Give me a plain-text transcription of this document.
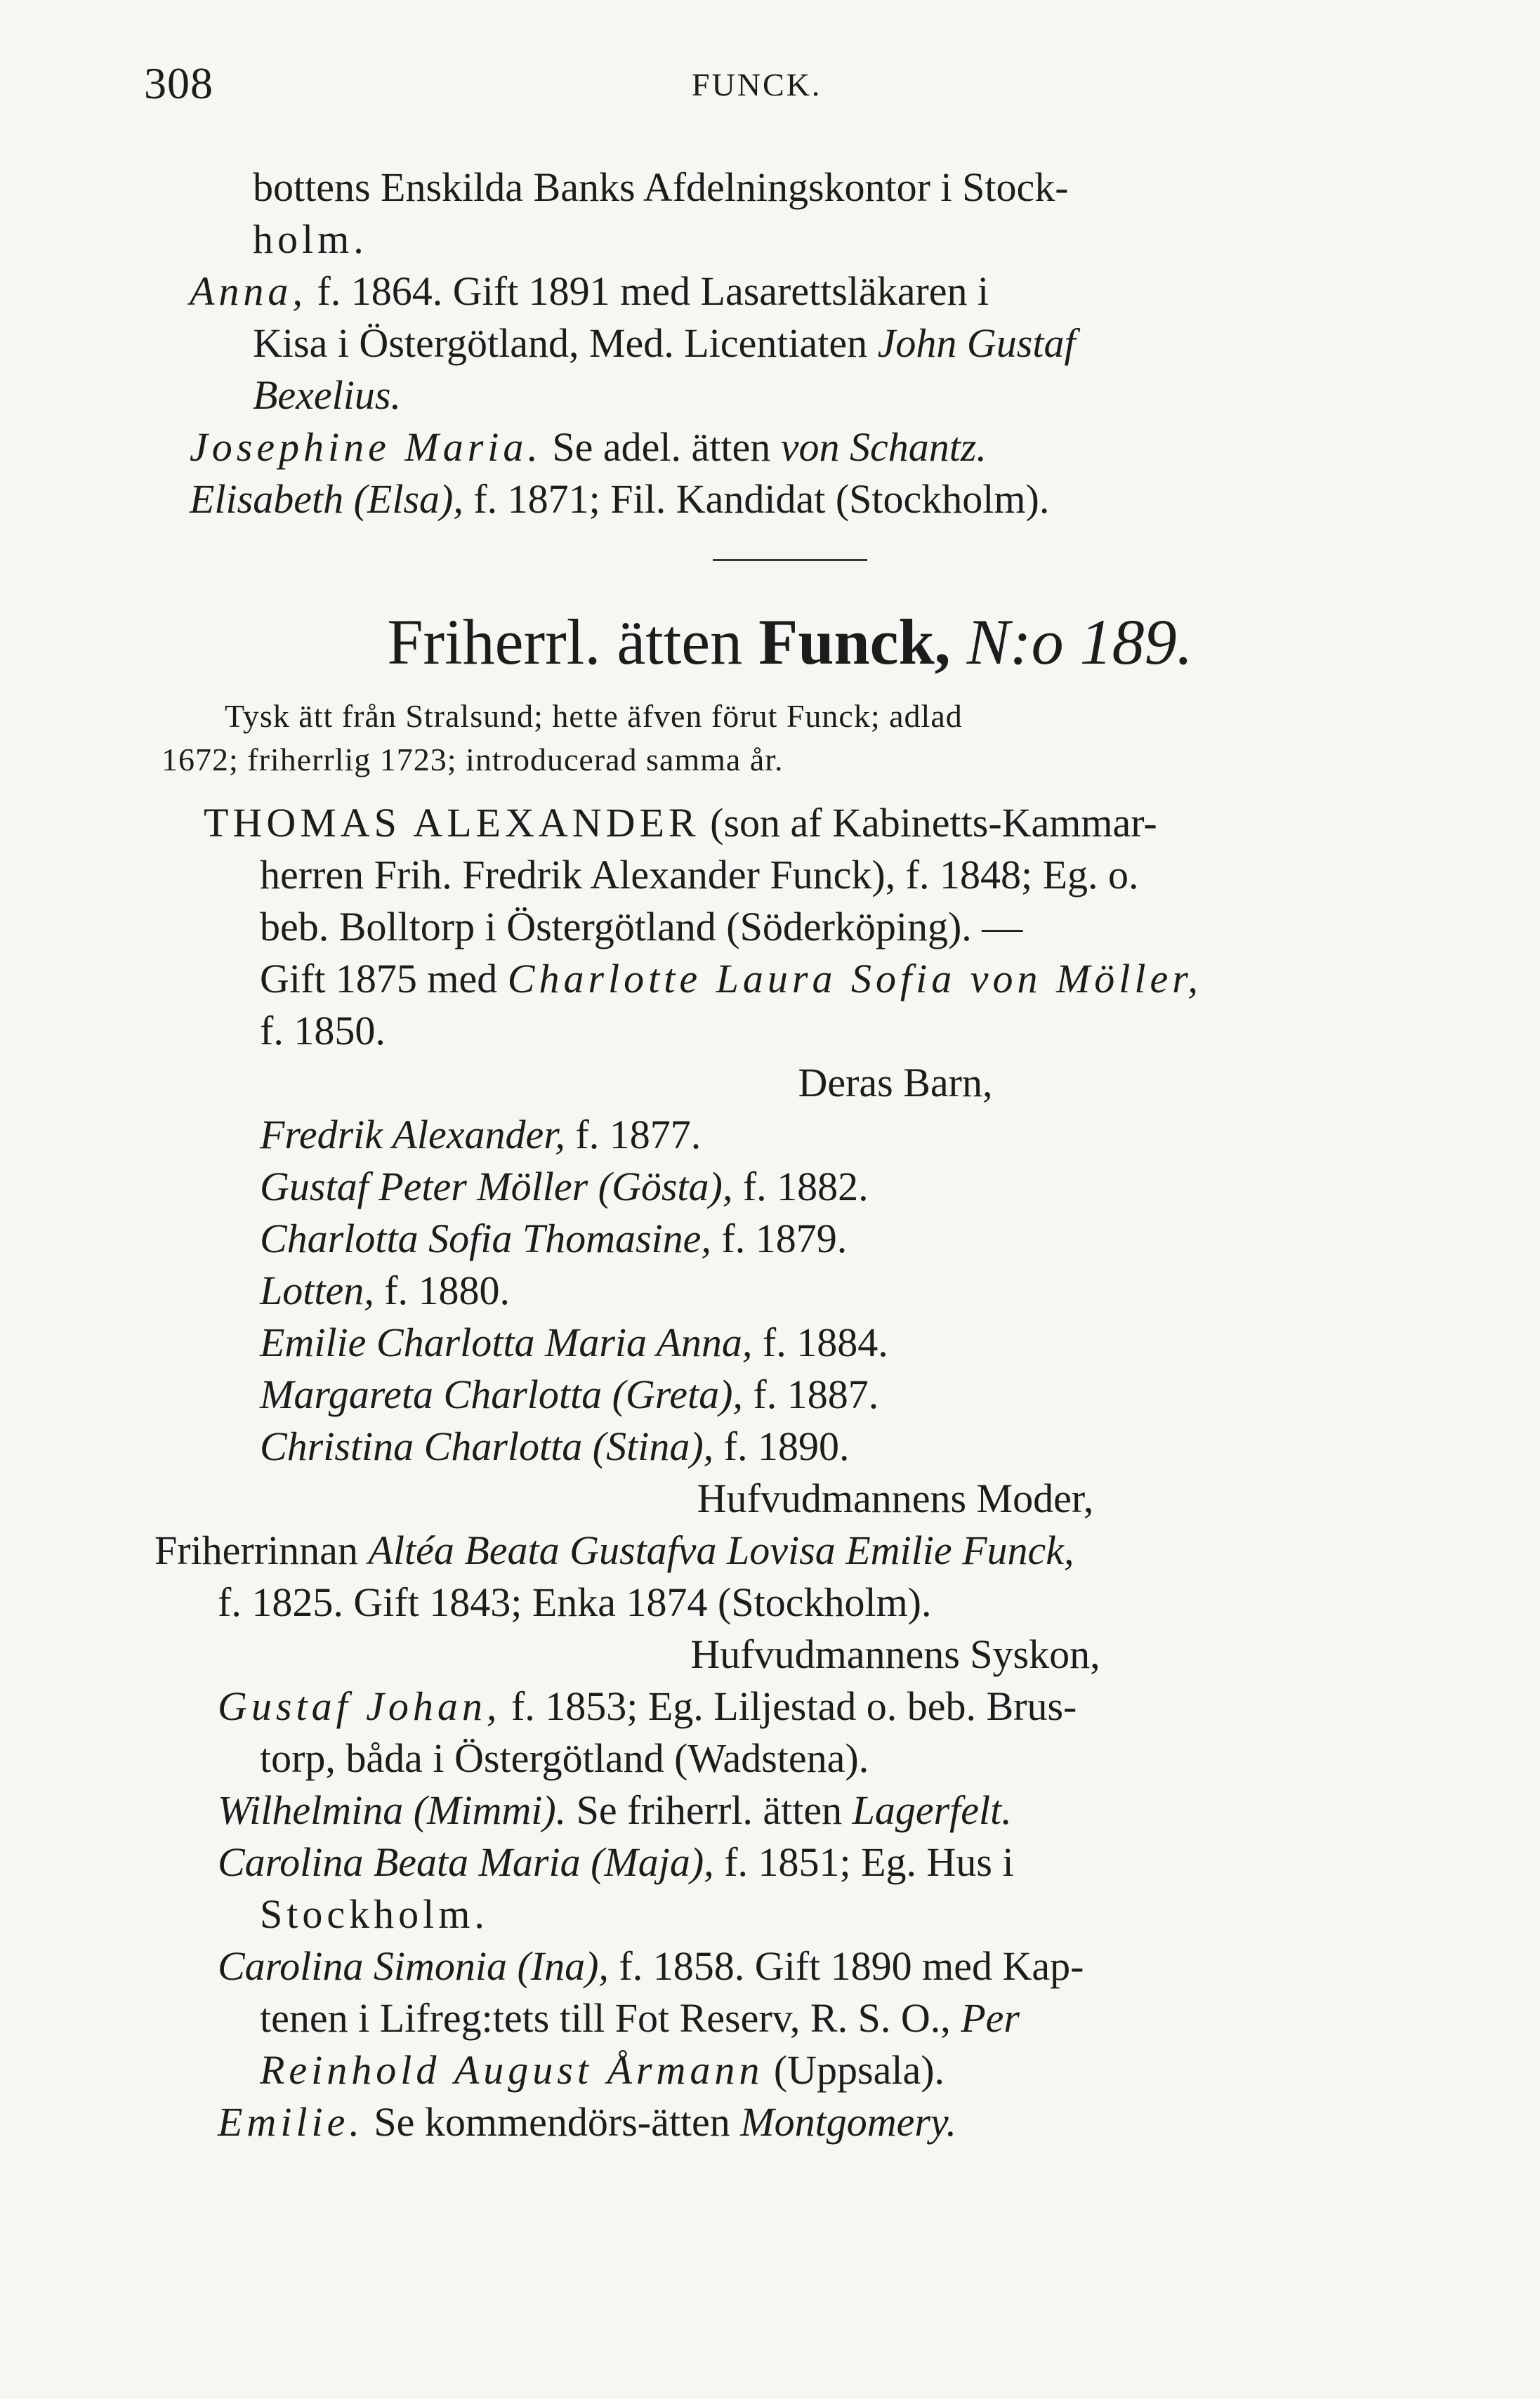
308	FUNCK.
bottens Enskilda Banks Afdelningskontor i Stock-
holm.
Anna, f. 1864. Gift 1891 med Lasarettsläkaren i
Kisa i Östergötland, Med. Licentiaten John Gustaf
Bexelius.
Josephine Maria. Se adel. ätten von Schantz.
Elisabeth (Elsa), f. 1871; Fil. Kandidat (Stockholm).
Friherrl. ätten Funck, N:o 189.
Tysk ätt från Stralsund; hette äfven förut Funck; adlad
1672; friherrlig 1723; introducerad samma år.
THOMAS ALEXANDER (son af Kabinetts-Kammar-
herren Frih. Fredrik Alexander Funck), f. 1848; Eg. o.
beb. Bolltorp i Östergötland (Söderköping). —
Gift 1875 med Charlotte Laura Sofia von Möller,
f. 1850.
Deras Barn,
Fredrik Alexander, f. 1877.
Gustaf Peter Möller (Gösta), f. 1882.
Charlotta Sofia Thomasine, f. 1879.
Lotten, f. 1880.
Emilie Charlotta Maria Anna, f. 1884.
Margareta Charlotta (Greta), f. 1887.
Christina Charlotta (Stina), f. 1890.
Hufvudmannens Moder,
Friherrinnan Altéa Beata Gustafva Lovisa Emilie Funck,
f. 1825. Gift 1843; Enka 1874 (Stockholm).
Hufvudmannens Syskon,
Gustaf Johan, f. 1853; Eg. Liljestad o. beb. Brus-
torp, båda i Östergötland (Wadstena).
Wilhelmina (Mimmi). Se friherrl. ätten Lagerfelt.
Carolina Beata Maria (Maja), f. 1851; Eg. Hus i
Stockholm.
Carolina Simonia (Ina), f. 1858. Gift 1890 med Kap-
tenen i Lifreg:tets till Fot Reserv, R. S. O., Per
Reinhold August Årmann (Uppsala).
Emilie. Se kommendörs-ätten Montgomery.
